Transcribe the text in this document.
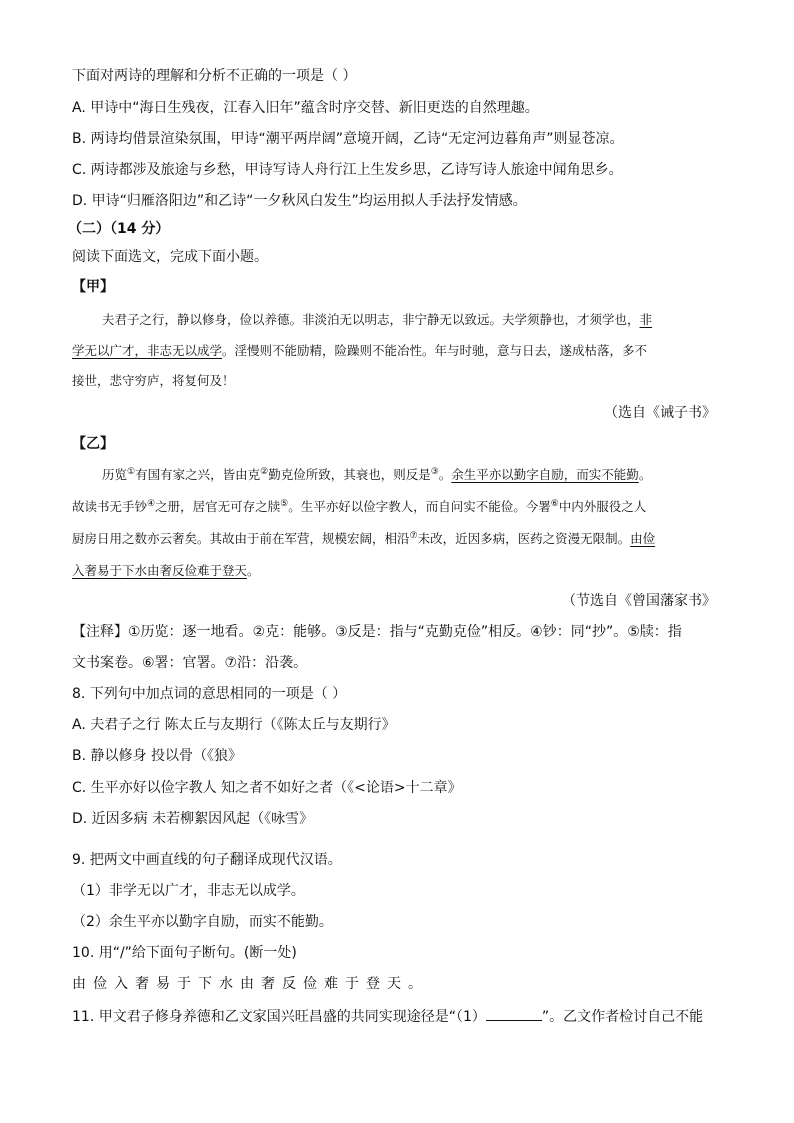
下面对两诗的理解和分析不正确的一项是（ ）
A. 甲诗中“海日生残夜，江春入旧年”蕴含时序交替、新旧更迭的自然理趣。
B. 两诗均借景渲染氛围，甲诗“潮平两岸阔”意境开阔，乙诗“无定河边暮角声”则显苍凉。
C. 两诗都涉及旅途与乡愁，甲诗写诗人舟行江上生发乡思，乙诗写诗人旅途中闻角思乡。
D. 甲诗“归雁洛阳边”和乙诗“一夕秋风白发生”均运用拟人手法抒发情感。
（二）（14 分）
阅读下面选文，完成下面小题。
【甲】
夫君子之行，静以修身，俭以养德。非淡泊无以明志，非宁静无以致远。夫学须静也，才须学也，非
学无以广才，非志无以成学。淫慢则不能励精，险躁则不能冶性。年与时驰，意与日去，遂成枯落，多不
接世，悲守穷庐，将复何及！
（选自《诫子书》
【乙】
历览①有国有家之兴，皆由克②勤克俭所致，其衰也，则反是③。余生平亦以勤字自励，而实不能勤。
故读书无手钞④之册，居官无可存之牍⑤。生平亦好以俭字教人，而自问实不能俭。今署⑥中内外服役之人
厨房日用之数亦云奢矣。其故由于前在军营，规模宏阔，相沿⑦未改，近因多病，医药之资漫无限制。由俭
入奢易于下水由奢反俭难于登天。
（节选自《曾国藩家书》
【注释】①历览：逐一地看。②克：能够。③反是：指与“克勤克俭”相反。④钞：同“抄”。⑤牍：指
文书案卷。⑥署：官署。⑦沿：沿袭。
8. 下列句中加点词的意思相同的一项是（ ）
A. 夫君子之行 陈太丘与友期行（《陈太丘与友期行》
B. 静以修身 投以骨（《狼》
C. 生平亦好以俭字教人 知之者不如好之者（《<论语>十二章》
D. 近因多病 未若柳絮因风起（《咏雪》
9. 把两文中画直线的句子翻译成现代汉语。
（1）非学无以广才，非志无以成学。
（2）余生平亦以勤字自励，而实不能勤。
10. 用“/”给下面句子断句。(断一处)
由俭入奢易于下水由奢反俭难于登天。
11. 甲文君子修身养德和乙文家国兴旺昌盛的共同实现途径是“（1）	”。乙文作者检讨自己不能
